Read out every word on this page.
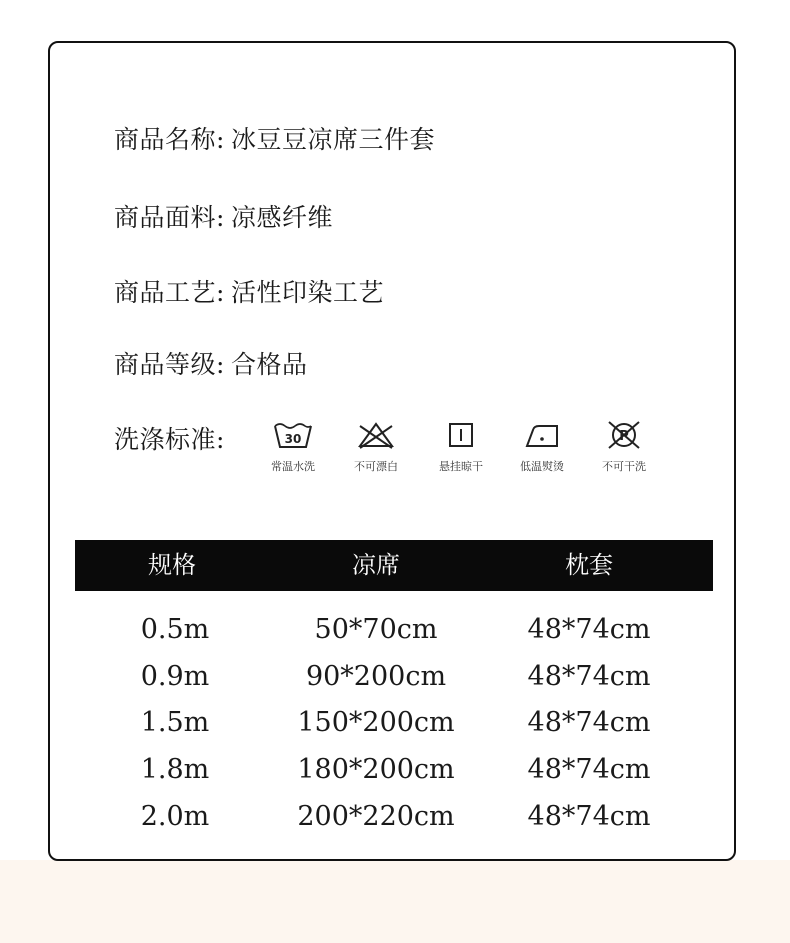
商品名称: 冰豆豆凉席三件套
商品面料: 凉感纤维
商品工艺: 活性印染工艺
商品等级: 合格品
洗涤标准:	30
常温水洗	不可漂白	悬挂晾干	低温熨烫
P
不可干洗
规格	凉席	枕套
0.5m	50*70cm	48*74cm
0.9m	90*200cm	48*74cm
1.5m	150*200cm	48*74cm
1.8m	180*200cm	48*74cm
2.0m	200*220cm	48*74cm
